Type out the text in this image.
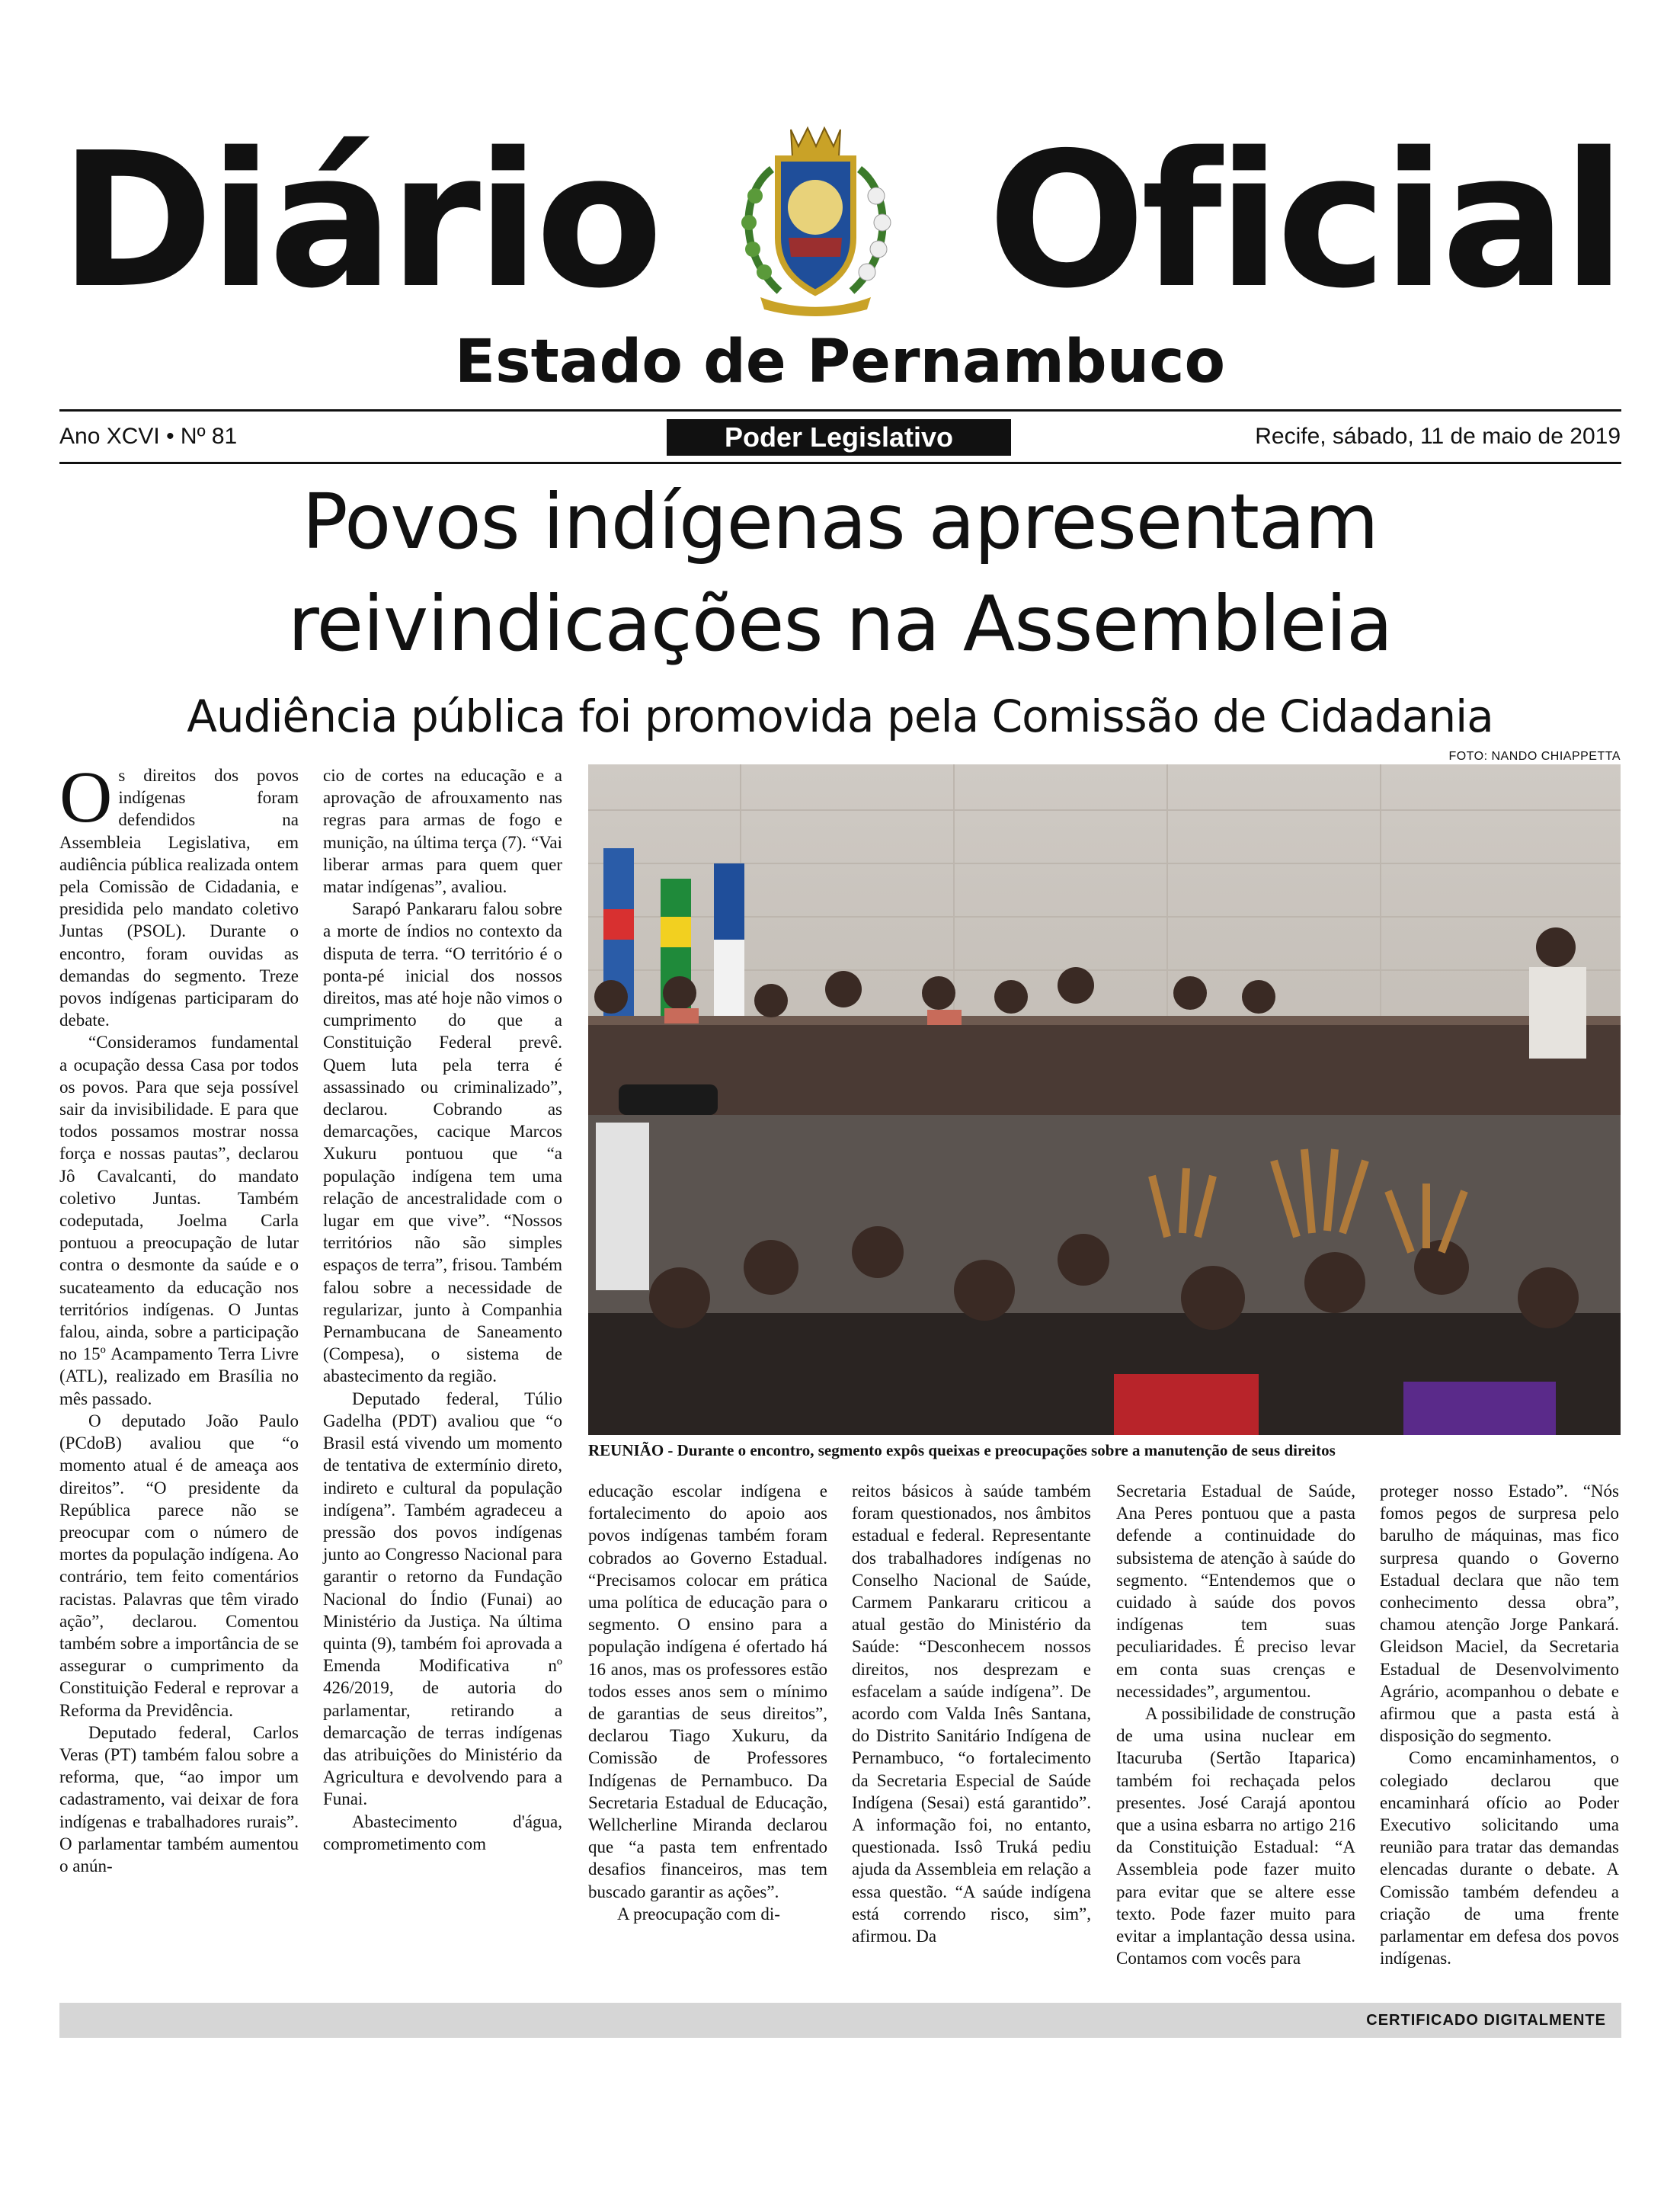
Diário Oficial
Estado de Pernambuco
Ano XCVI • Nº 81	Poder Legislativo	Recife, sábado, 11 de maio de 2019
Povos indígenas apresentam
reivindicações na Assembleia
Audiência pública foi promovida pela Comissão de Cidadania

Os direitos dos povos indígenas foram defendidos na Assembleia Legislativa, em audiência pública realizada ontem pela Comissão de Cidadania, e presidida pelo mandato coletivo Juntas (PSOL). Durante o encontro, foram ouvidas as demandas do segmento. Treze povos indígenas participaram do debate.

“Consideramos fundamental a ocupação dessa Casa por todos os povos. Para que seja possível sair da invisibilidade. E para que todos possamos mostrar nossa força e nossas pautas”, declarou Jô Cavalcanti, do mandato coletivo Juntas. Também codeputada, Joelma Carla pontuou a preocupação de lutar contra o desmonte da saúde e o sucateamento da educação nos territórios indígenas. O Juntas falou, ainda, sobre a participação no 15º Acampamento Terra Livre (ATL), realizado em Brasília no mês passado.

O deputado João Paulo (PCdoB) avaliou que “o momento atual é de ameaça aos direitos”. “O presidente da República parece não se preocupar com o número de mortes da população indígena. Ao contrário, tem feito comentários racistas. Palavras que têm virado ação”, declarou. Comentou também sobre a importância de se assegurar o cumprimento da Constituição Federal e reprovar a Reforma da Previdência.

Deputado federal, Carlos Veras (PT) também falou sobre a reforma, que, “ao impor um cadastramento, vai deixar de fora indígenas e trabalhadores rurais”. O parlamentar também aumentou o anún-

cio de cortes na educação e a aprovação de afrouxamento nas regras para armas de fogo e munição, na última terça (7). “Vai liberar armas para quem quer matar indígenas”, avaliou.

Sarapó Pankararu falou sobre a morte de índios no contexto da disputa de terra. “O território é o ponta-pé inicial dos nossos direitos, mas até hoje não vimos o cumprimento do que a Constituição Federal prevê. Quem luta pela terra é assassinado ou criminalizado”, declarou. Cobrando as demarcações, cacique Marcos Xukuru pontuou que “a população indígena tem uma relação de ancestralidade com o lugar em que vive”. “Nossos territórios não são simples espaços de terra”, frisou. Também falou sobre a necessidade de regularizar, junto à Companhia Pernambucana de Saneamento (Compesa), o sistema de abastecimento da região.

Deputado federal, Túlio Gadelha (PDT) avaliou que “o Brasil está vivendo um momento de tentativa de extermínio direto, indireto e cultural da população indígena”. Também agradeceu a pressão dos povos indígenas junto ao Congresso Nacional para garantir o retorno da Fundação Nacional do Índio (Funai) ao Ministério da Justiça. Na última quinta (9), também foi aprovada a Emenda Modificativa nº 426/2019, de autoria do parlamentar, retirando a demarcação de terras indígenas das atribuições do Ministério da Agricultura e devolvendo para a Funai.

Abastecimento d'água, comprometimento com

FOTO: NANDO CHIAPPETTA
REUNIÃO - Durante o encontro, segmento expôs queixas e preocupações sobre a manutenção de seus direitos

educação escolar indígena e fortalecimento do apoio aos povos indígenas também foram cobrados ao Governo Estadual. “Precisamos colocar em prática uma política de educação para o segmento. O ensino para a população indígena é ofertado há 16 anos, mas os professores estão todos esses anos sem o mínimo de garantias de seus direitos”, declarou Tiago Xukuru, da Comissão de Professores Indígenas de Pernambuco. Da Secretaria Estadual de Educação, Wellcherline Miranda declarou que “a pasta tem enfrentado desafios financeiros, mas tem buscado garantir as ações”.

A preocupação com di-

reitos básicos à saúde também foram questionados, nos âmbitos estadual e federal. Representante dos trabalhadores indígenas no Conselho Nacional de Saúde, Carmem Pankararu criticou a atual gestão do Ministério da Saúde: “Desconhecem nossos direitos, nos desprezam e esfacelam a saúde indígena”. De acordo com Valda Inês Santana, do Distrito Sanitário Indígena de Pernambuco, “o fortalecimento da Secretaria Especial de Saúde Indígena (Sesai) está garantido”. A informação foi, no entanto, questionada. Issô Truká pediu ajuda da Assembleia em relação a essa questão. “A saúde indígena está correndo risco, sim”, afirmou. Da

Secretaria Estadual de Saúde, Ana Peres pontuou que a pasta defende a continuidade do subsistema de atenção à saúde do segmento. “Entendemos que o cuidado à saúde dos povos indígenas tem suas peculiaridades. É preciso levar em conta suas crenças e necessidades”, argumentou.

A possibilidade de construção de uma usina nuclear em Itacuruba (Sertão Itaparica) também foi rechaçada pelos presentes. José Carajá apontou que a usina esbarra no artigo 216 da Constituição Estadual: “A Assembleia pode fazer muito para evitar que se altere esse texto. Pode fazer muito para evitar a implantação dessa usina. Contamos com vocês para

proteger nosso Estado”. “Nós fomos pegos de surpresa pelo barulho de máquinas, mas fico surpresa quando o Governo Estadual declara que não tem conhecimento dessa obra”, chamou atenção Jorge Pankará. Gleidson Maciel, da Secretaria Estadual de Desenvolvimento Agrário, acompanhou o debate e afirmou que a pasta está à disposição do segmento.

Como encaminhamentos, o colegiado declarou que encaminhará ofício ao Poder Executivo solicitando uma reunião para tratar das demandas elencadas durante o debate. A Comissão também defendeu a criação de uma frente parlamentar em defesa dos povos indígenas.

CERTIFICADO DIGITALMENTE
